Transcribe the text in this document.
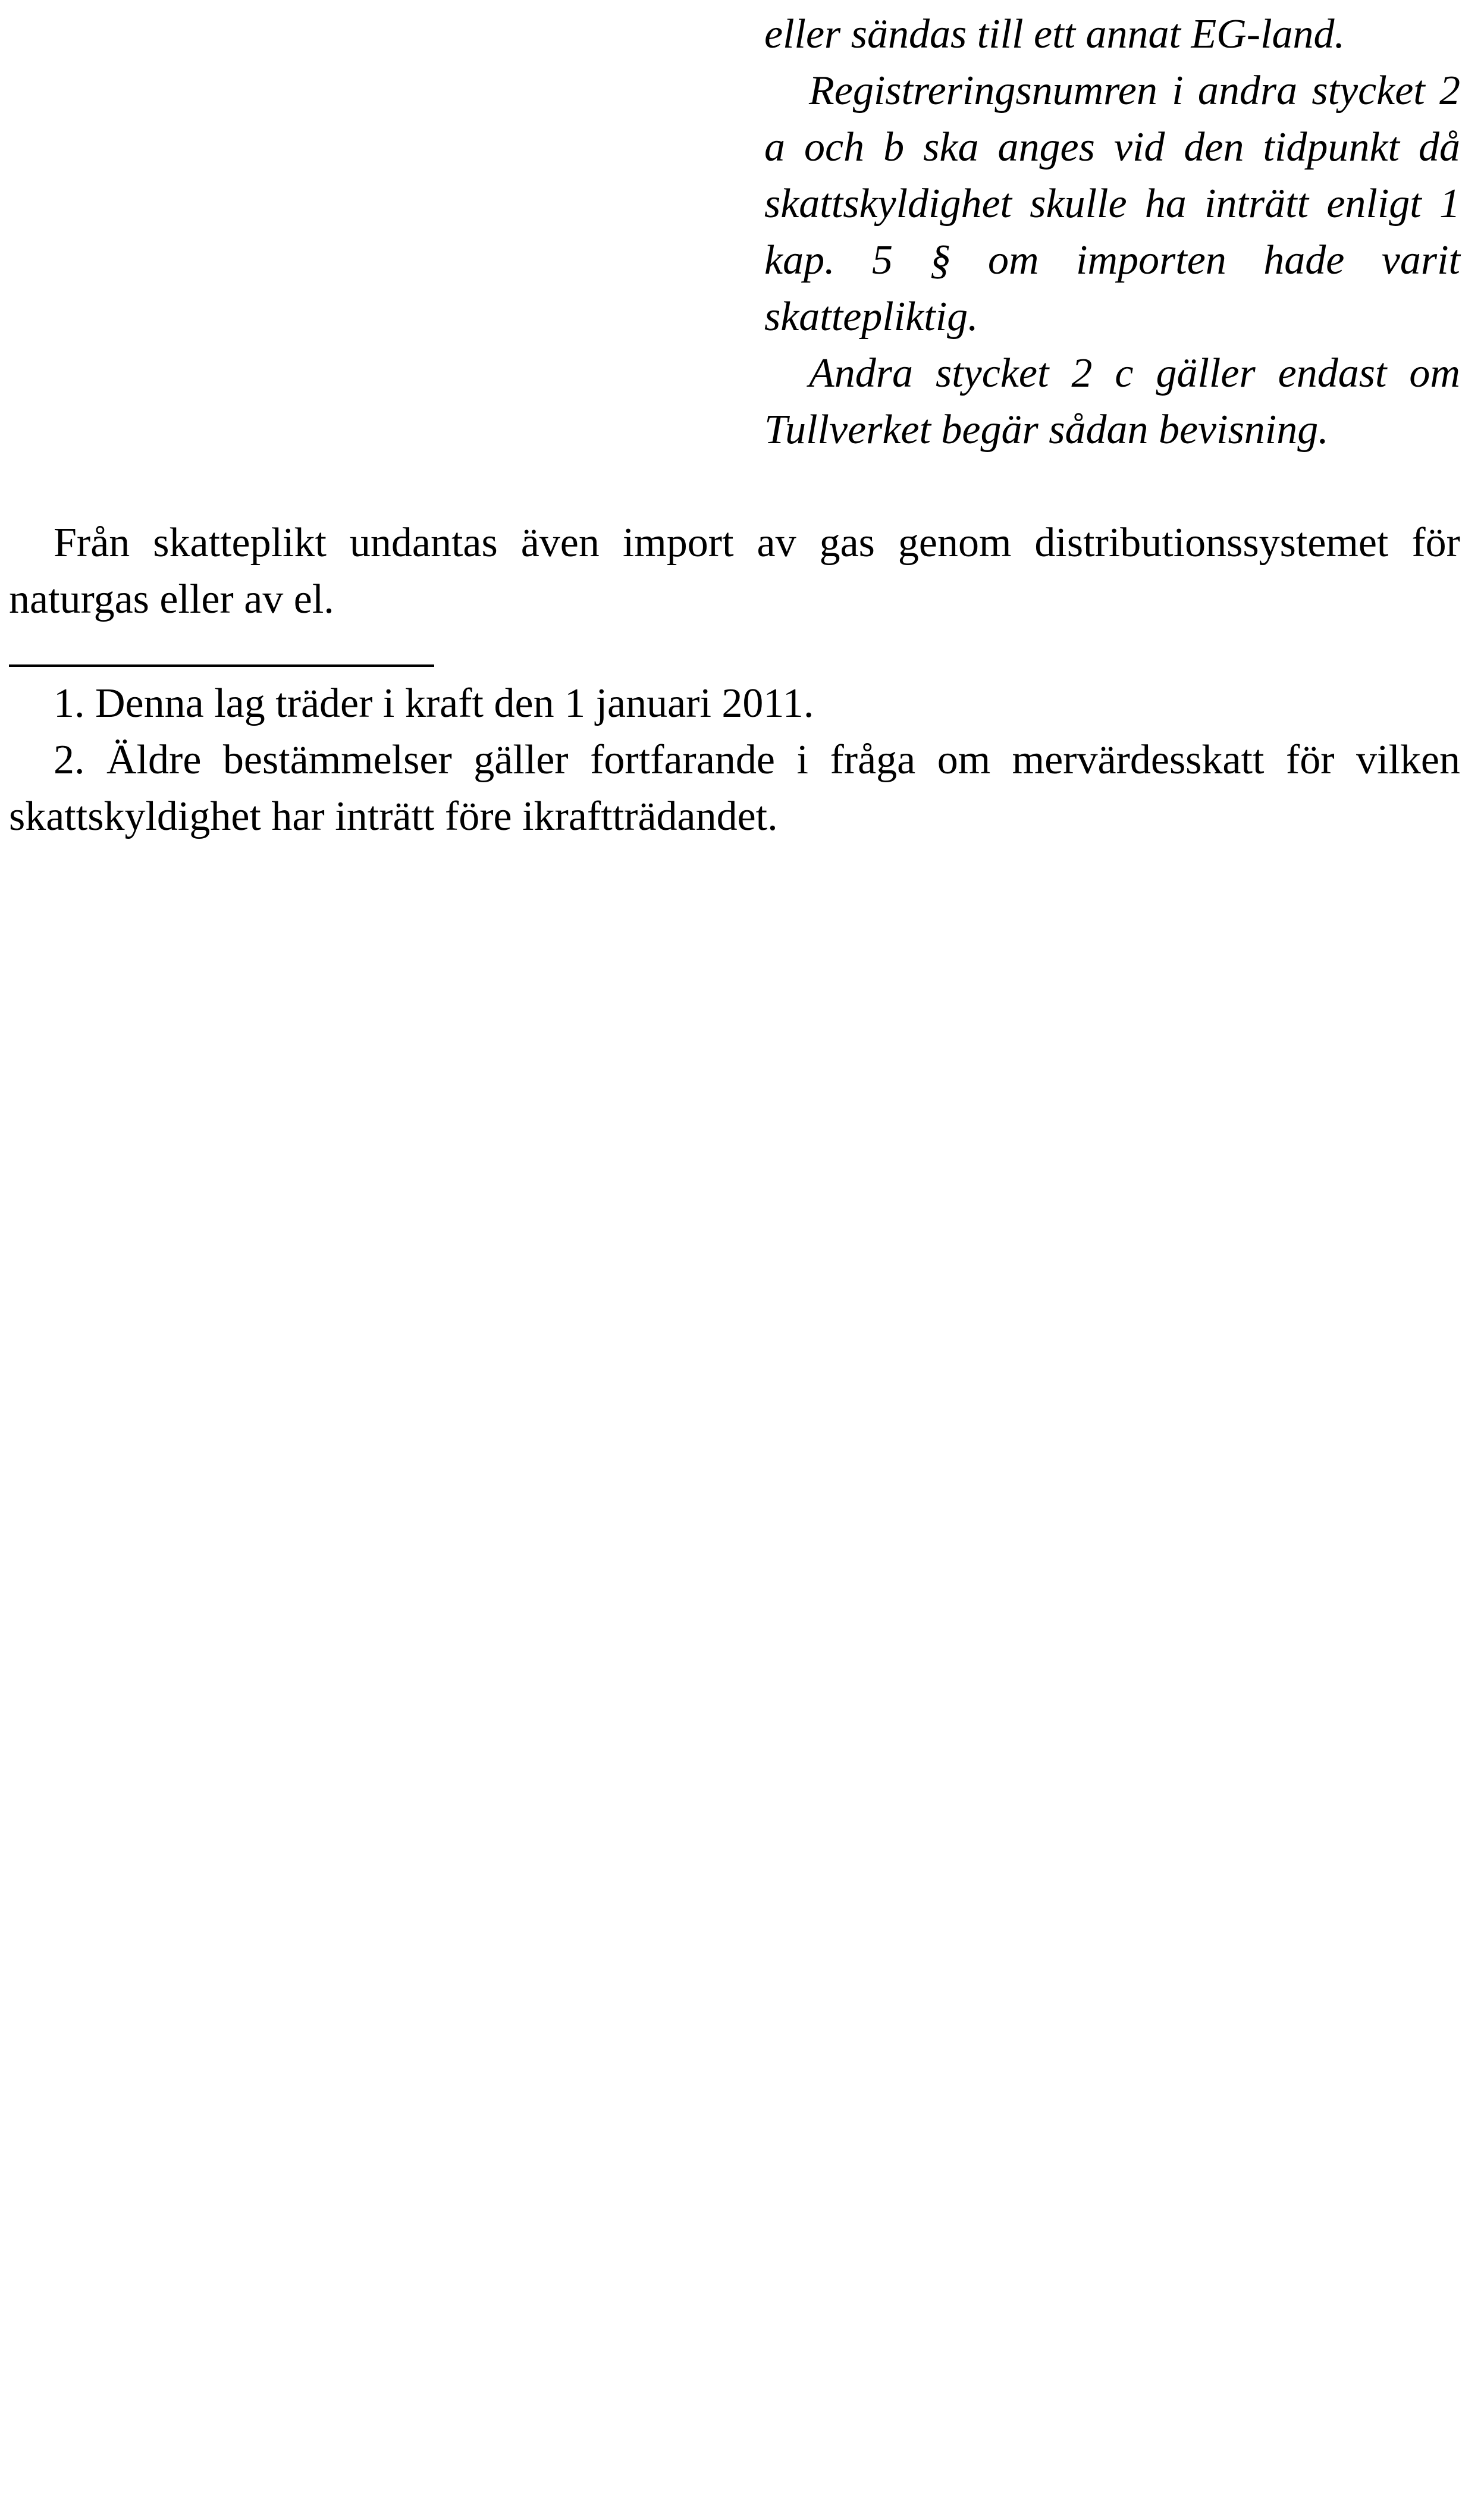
eller sändas till ett annat EG-land.

Registreringsnumren i andra stycket 2 a och b ska anges vid den tidpunkt då skattskyldighet skulle ha inträtt enligt 1 kap. 5 § om importen hade varit skattepliktig.

Andra stycket 2 c gäller endast om Tullverket begär sådan bevisning.

Från skatteplikt undantas även import av gas genom distributionssystemet för naturgas eller av el.

1. Denna lag träder i kraft den 1 januari 2011.

2. Äldre bestämmelser gäller fortfarande i fråga om mervärdesskatt för vilken skattskyldighet har inträtt före ikraftträdandet.
